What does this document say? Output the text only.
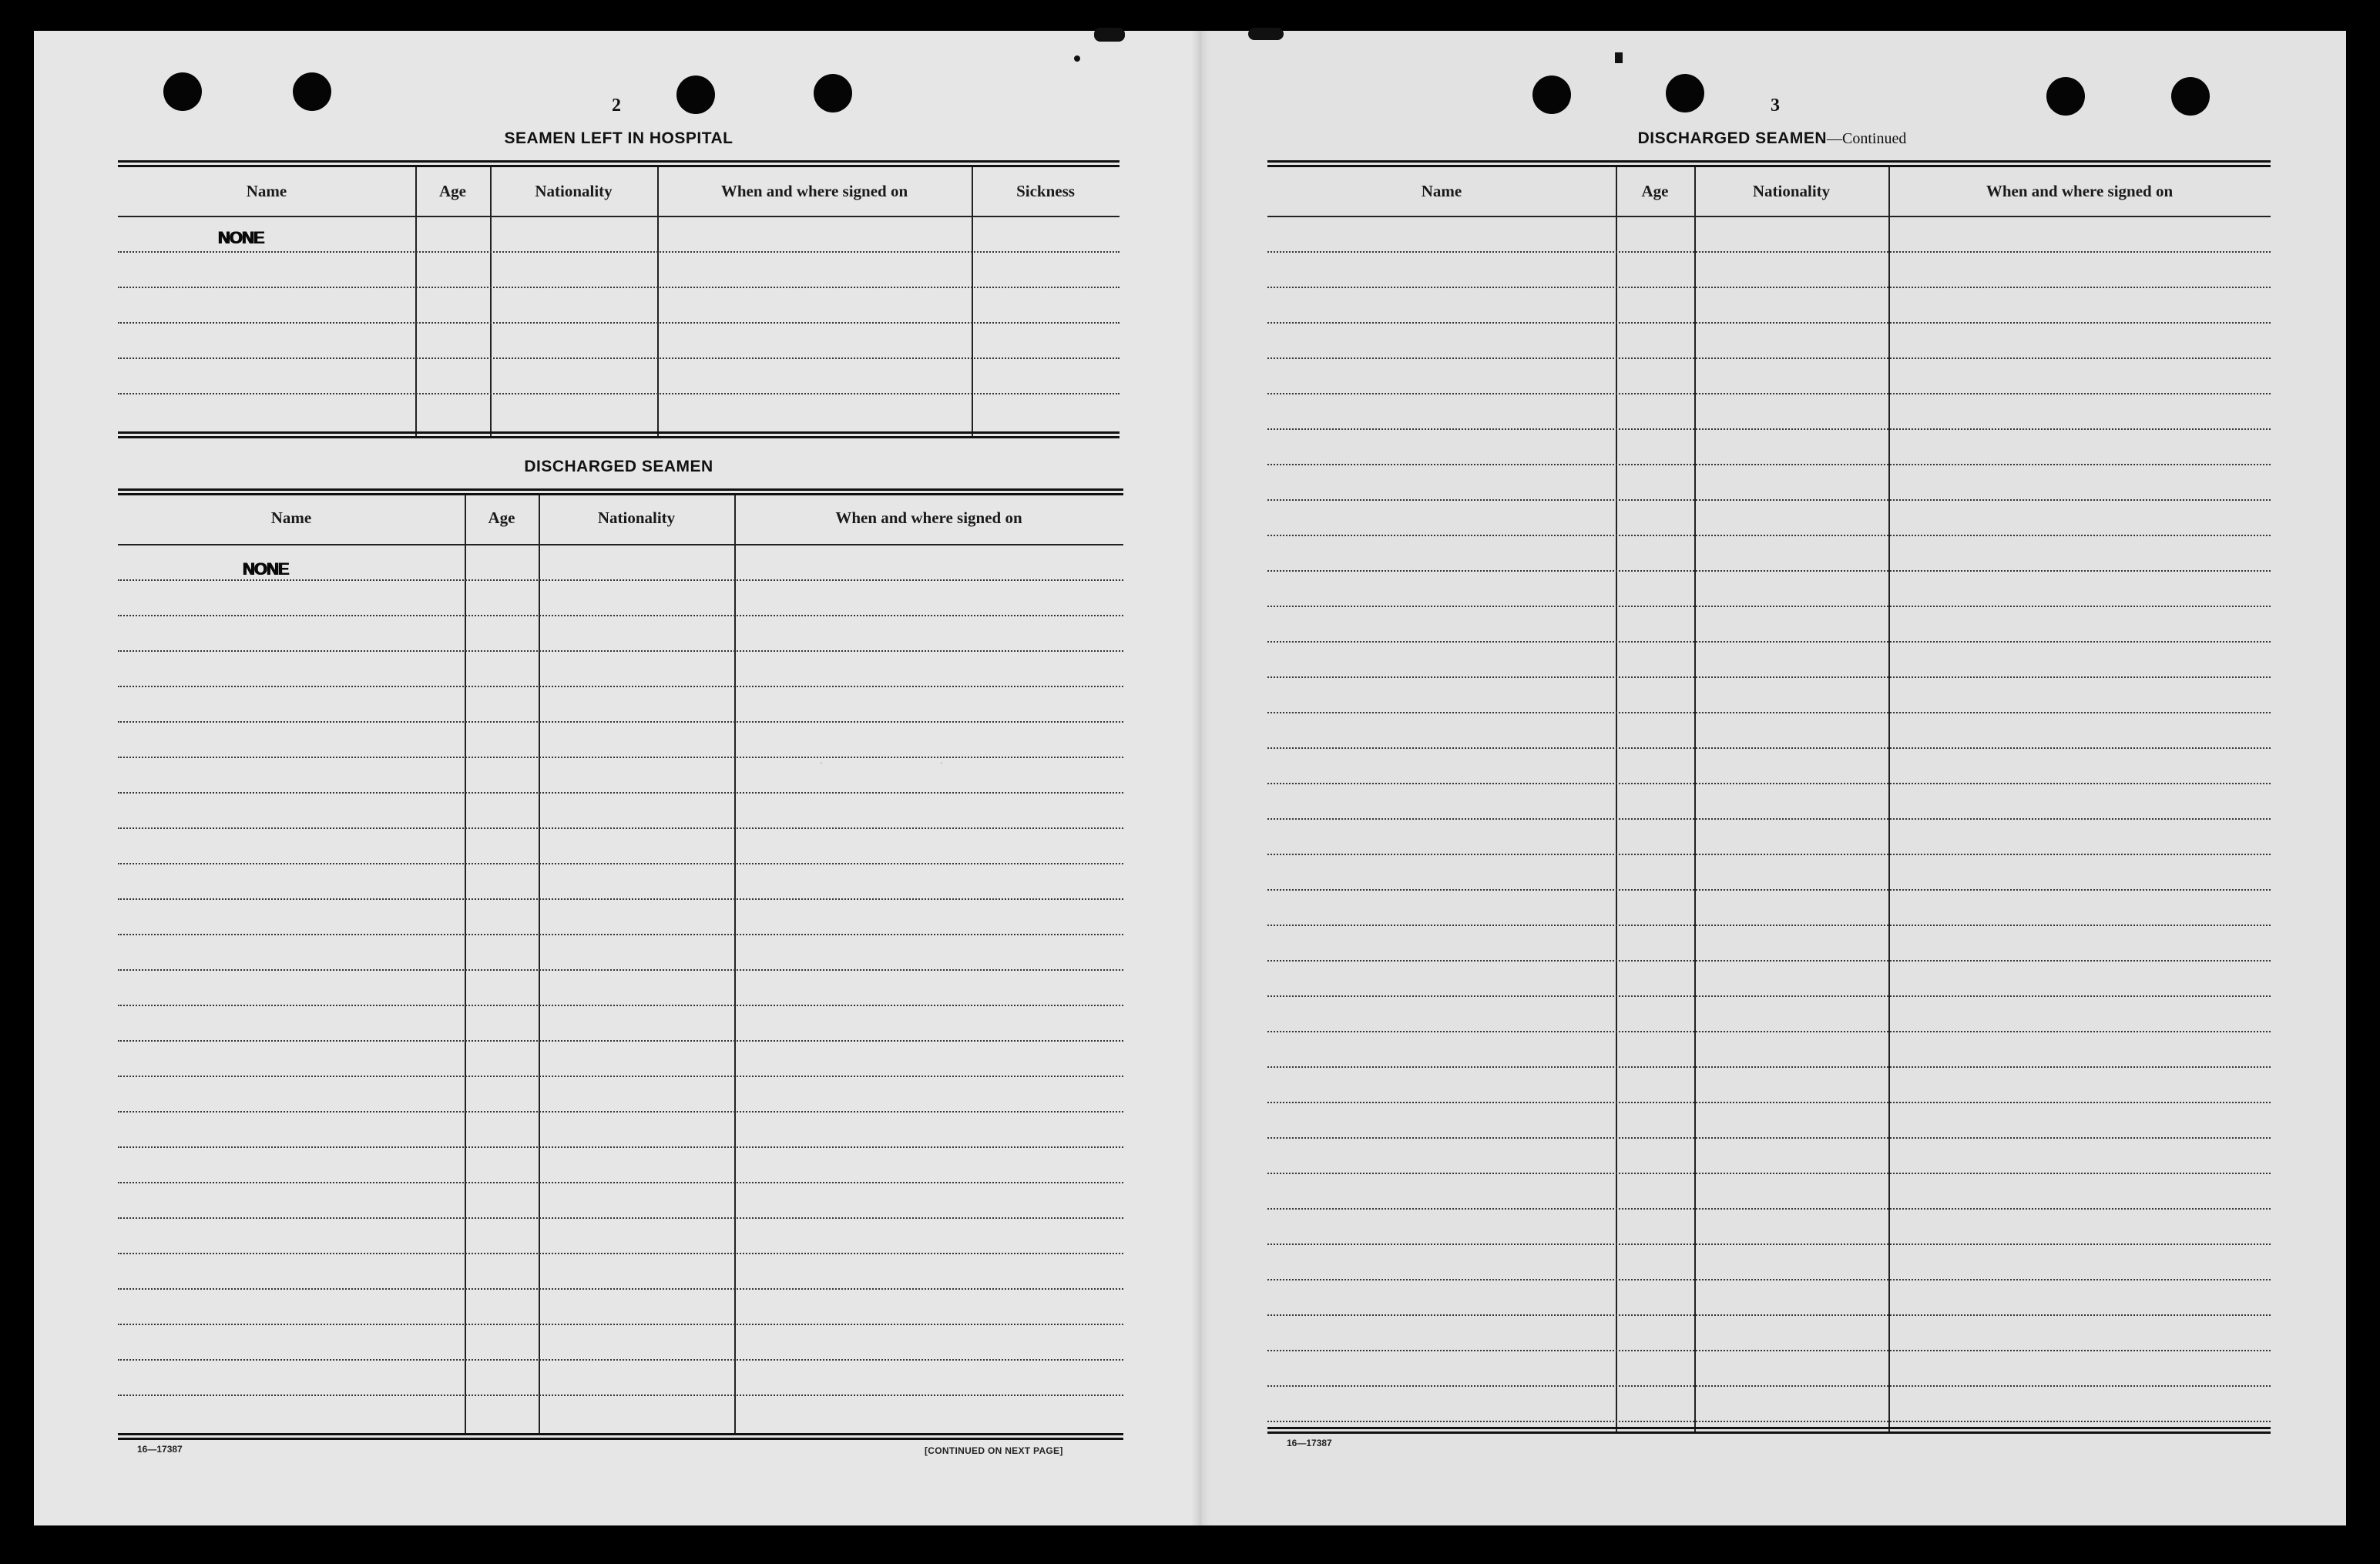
·  ·       ·
·            ·
2
SEAMEN LEFT IN HOSPITAL
Name	Age	Nationality	When and where signed on	Sickness
NONE
DISCHARGED SEAMEN
Name	Age	Nationality	When and where signed on
NONE
16—17387	[CONTINUED ON NEXT PAGE]
3
DISCHARGED SEAMEN—Continued
Name	Age	Nationality	When and where signed on
16—17387
